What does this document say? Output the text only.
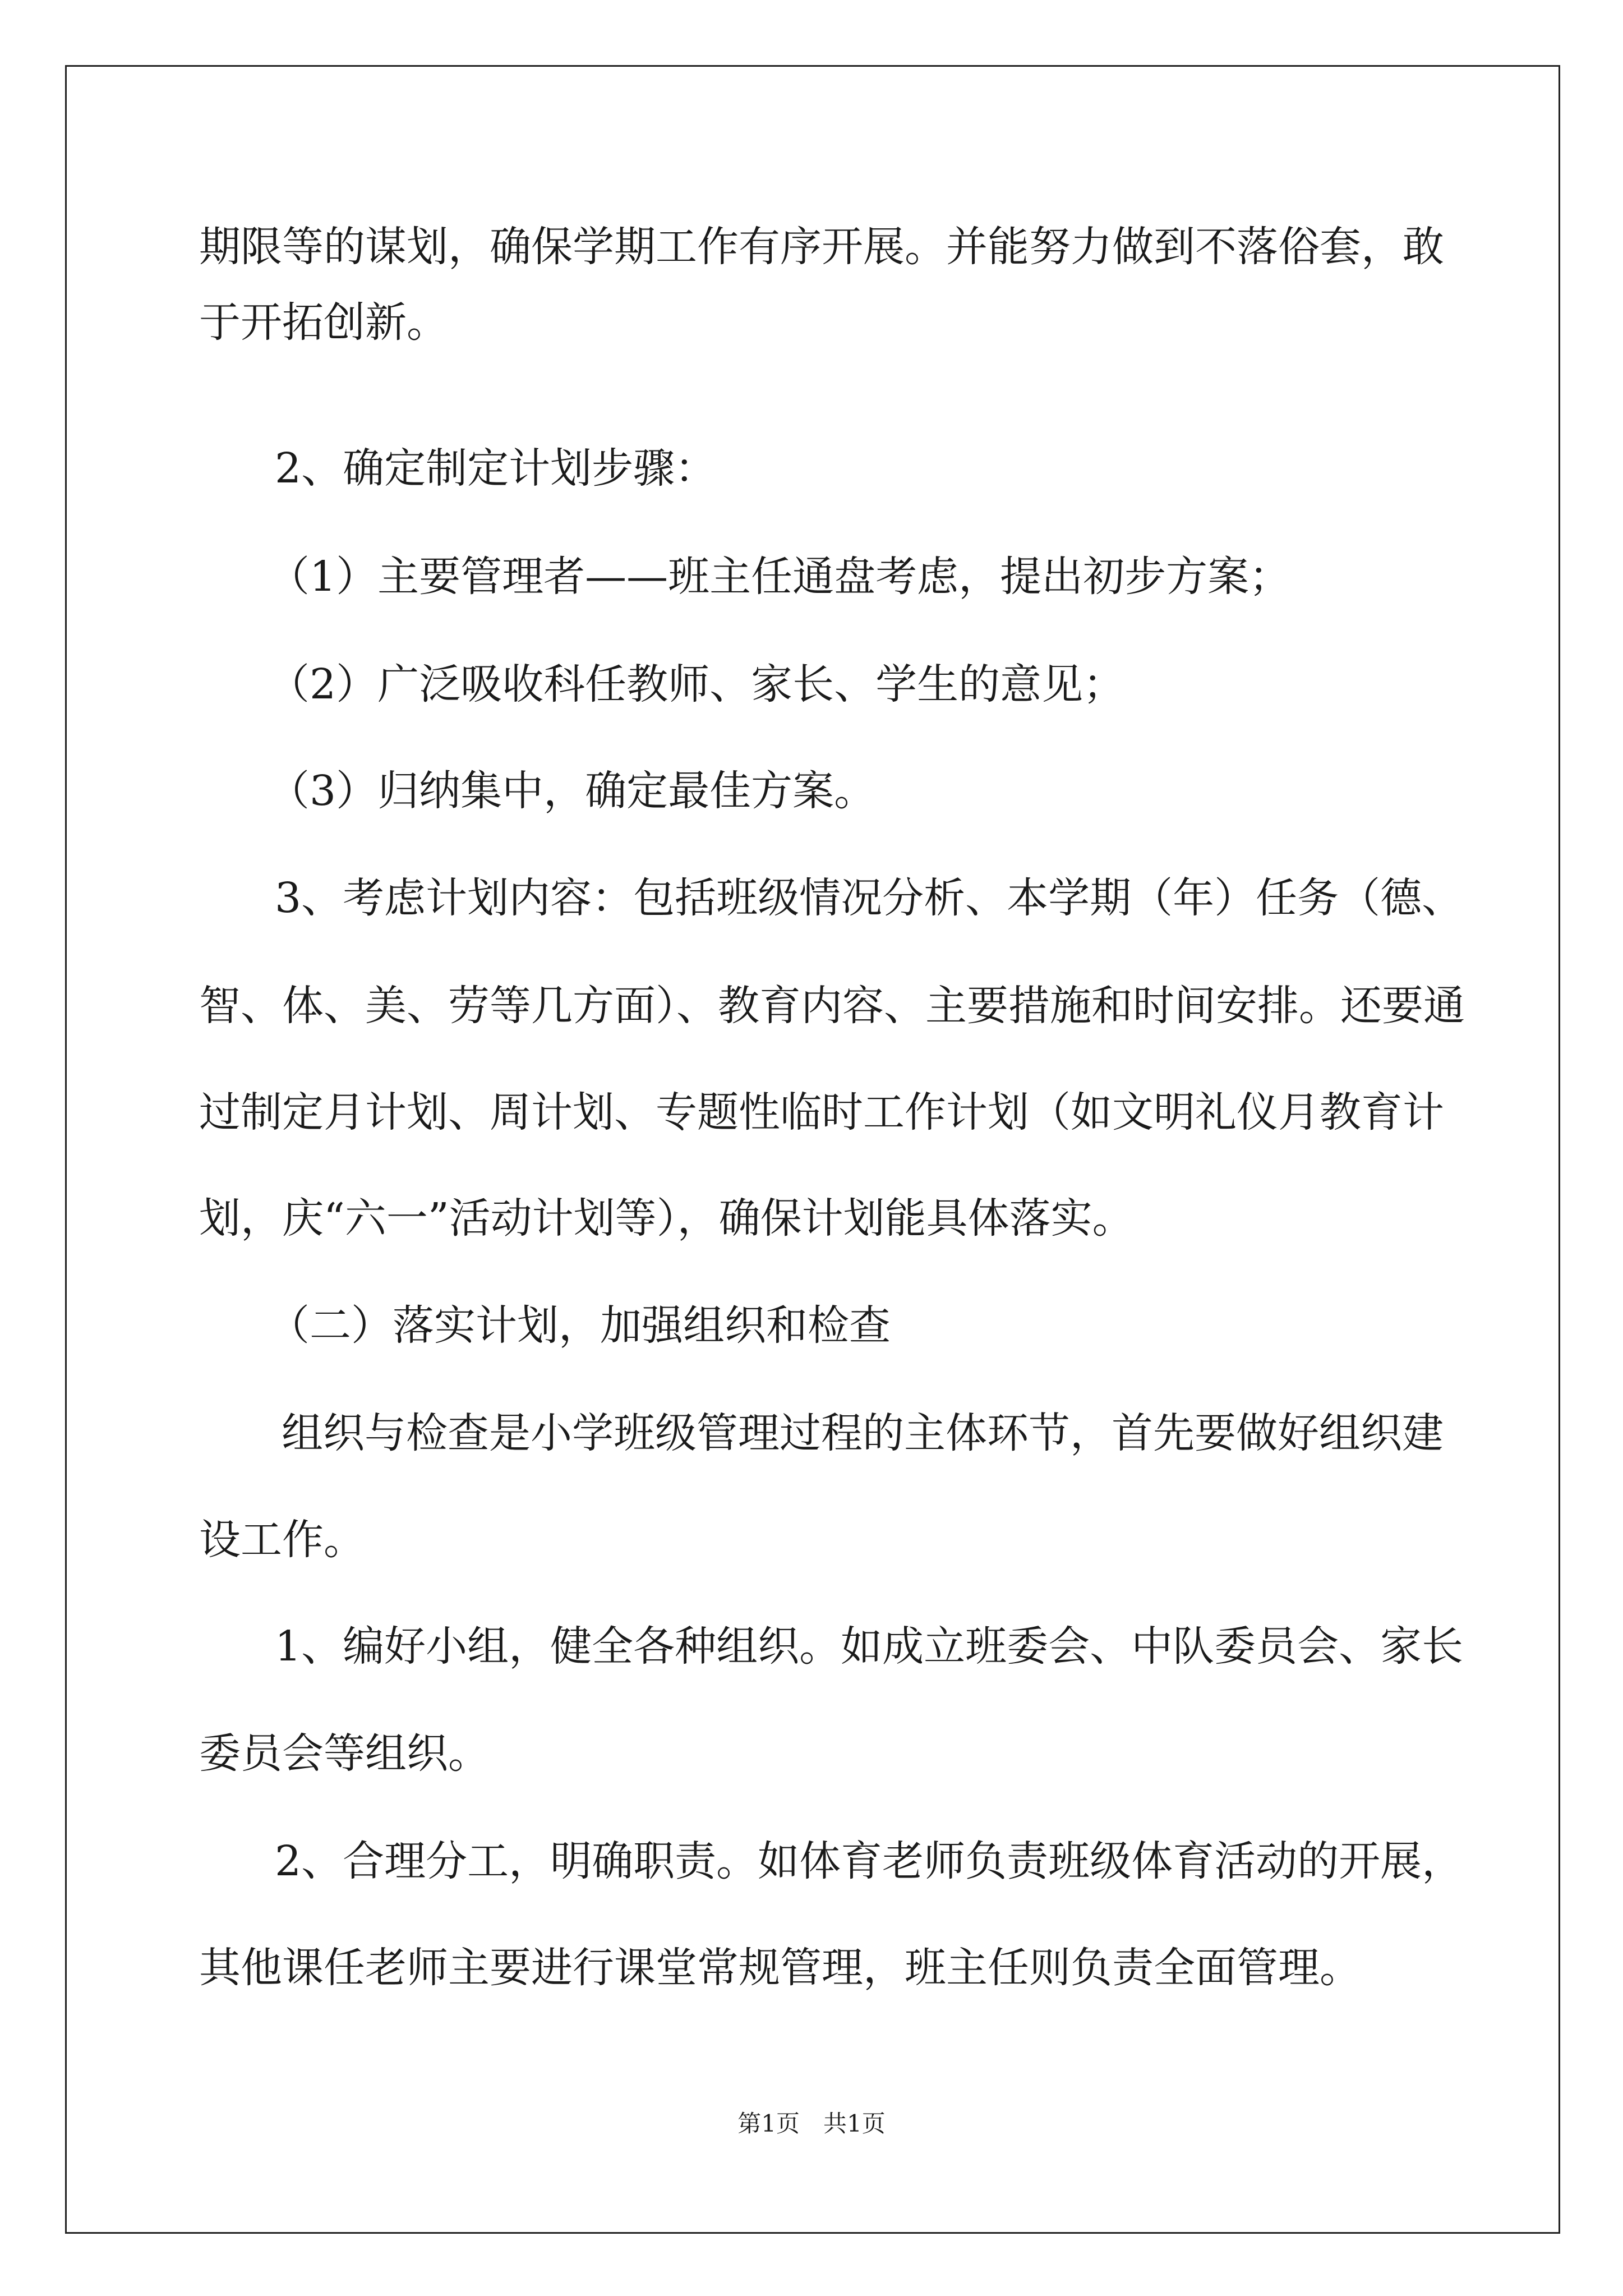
期限等的谋划，确保学期工作有序开展。并能努力做到不落俗套，敢
于开拓创新。
2、确定制定计划步骤：
（1）主要管理者——班主任通盘考虑，提出初步方案；
（2）广泛吸收科任教师、家长、学生的意见；
（3）归纳集中，确定最佳方案。
3、考虑计划内容：包括班级情况分析、本学期（年）任务（德、
智、体、美、劳等几方面）、教育内容、主要措施和时间安排。还要通
过制定月计划、周计划、专题性临时工作计划（如文明礼仪月教育计
划，庆“六一”活动计划等），确保计划能具体落实。
（二）落实计划，加强组织和检查
组织与检查是小学班级管理过程的主体环节，首先要做好组织建
设工作。
1、编好小组，健全各种组织。如成立班委会、中队委员会、家长
委员会等组织。
2、合理分工，明确职责。如体育老师负责班级体育活动的开展，
其他课任老师主要进行课堂常规管理，班主任则负责全面管理。
第1页　共1页
